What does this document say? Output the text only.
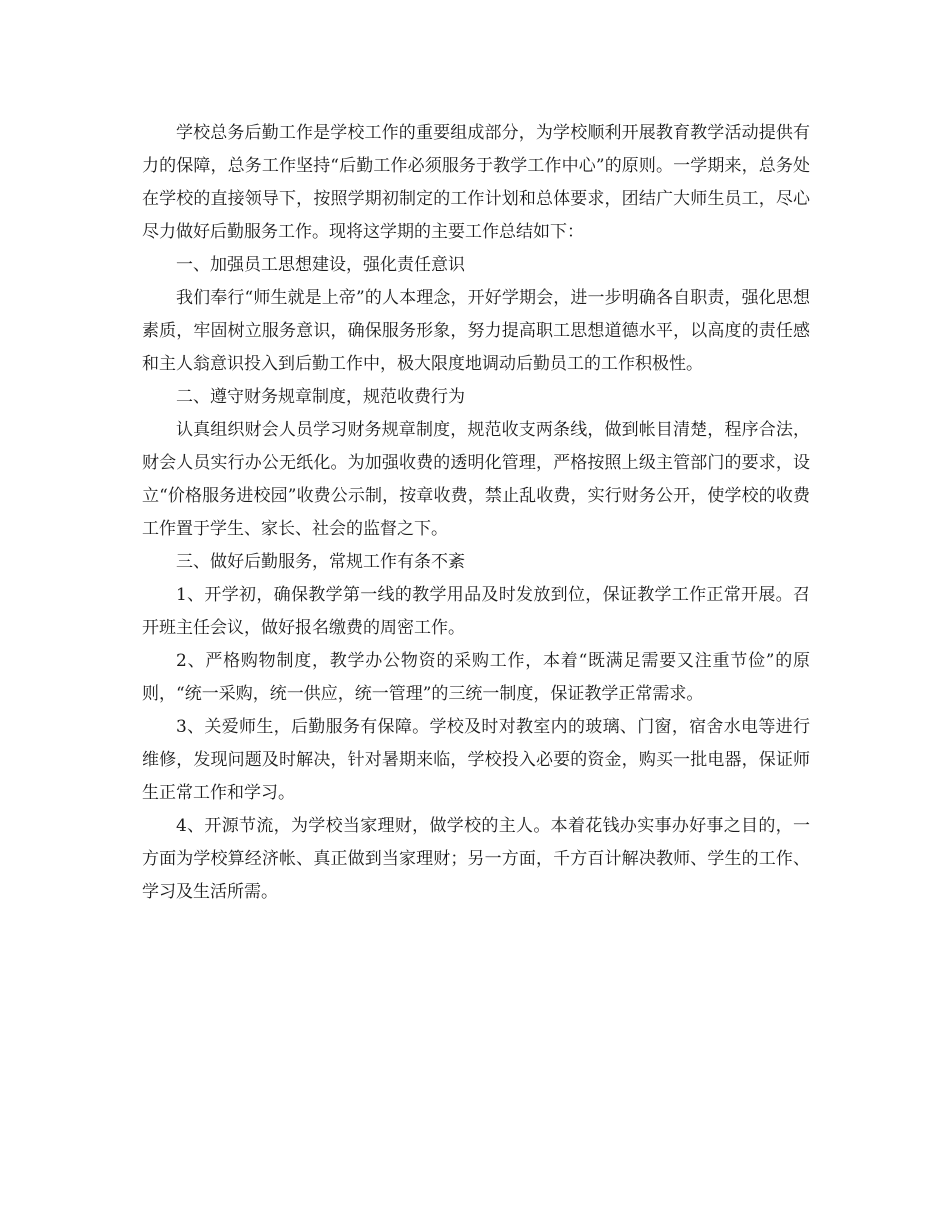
学校总务后勤工作是学校工作的重要组成部分，为学校顺利开展教育教学活动提供有力的保障，总务工作坚持“后勤工作必须服务于教学工作中心”的原则。一学期来，总务处在学校的直接领导下，按照学期初制定的工作计划和总体要求，团结广大师生员工，尽心尽力做好后勤服务工作。现将这学期的主要工作总结如下：

一、加强员工思想建设，强化责任意识

我们奉行“师生就是上帝”的人本理念，开好学期会，进一步明确各自职责，强化思想素质，牢固树立服务意识，确保服务形象，努力提高职工思想道德水平，以高度的责任感和主人翁意识投入到后勤工作中，极大限度地调动后勤员工的工作积极性。

二、遵守财务规章制度，规范收费行为

认真组织财会人员学习财务规章制度，规范收支两条线，做到帐目清楚，程序合法，财会人员实行办公无纸化。为加强收费的透明化管理，严格按照上级主管部门的要求，设立“价格服务进校园”收费公示制，按章收费，禁止乱收费，实行财务公开，使学校的收费工作置于学生、家长、社会的监督之下。

三、做好后勤服务，常规工作有条不紊

1、开学初，确保教学第一线的教学用品及时发放到位，保证教学工作正常开展。召开班主任会议，做好报名缴费的周密工作。

2、严格购物制度，教学办公物资的采购工作，本着“既满足需要又注重节俭”的原则，“统一采购，统一供应，统一管理”的三统一制度，保证教学正常需求。

3、关爱师生，后勤服务有保障。学校及时对教室内的玻璃、门窗，宿舍水电等进行维修，发现问题及时解决，针对暑期来临，学校投入必要的资金，购买一批电器，保证师生正常工作和学习。

4、开源节流，为学校当家理财，做学校的主人。本着花钱办实事办好事之目的，一方面为学校算经济帐、真正做到当家理财；另一方面，千方百计解决教师、学生的工作、学习及生活所需。
